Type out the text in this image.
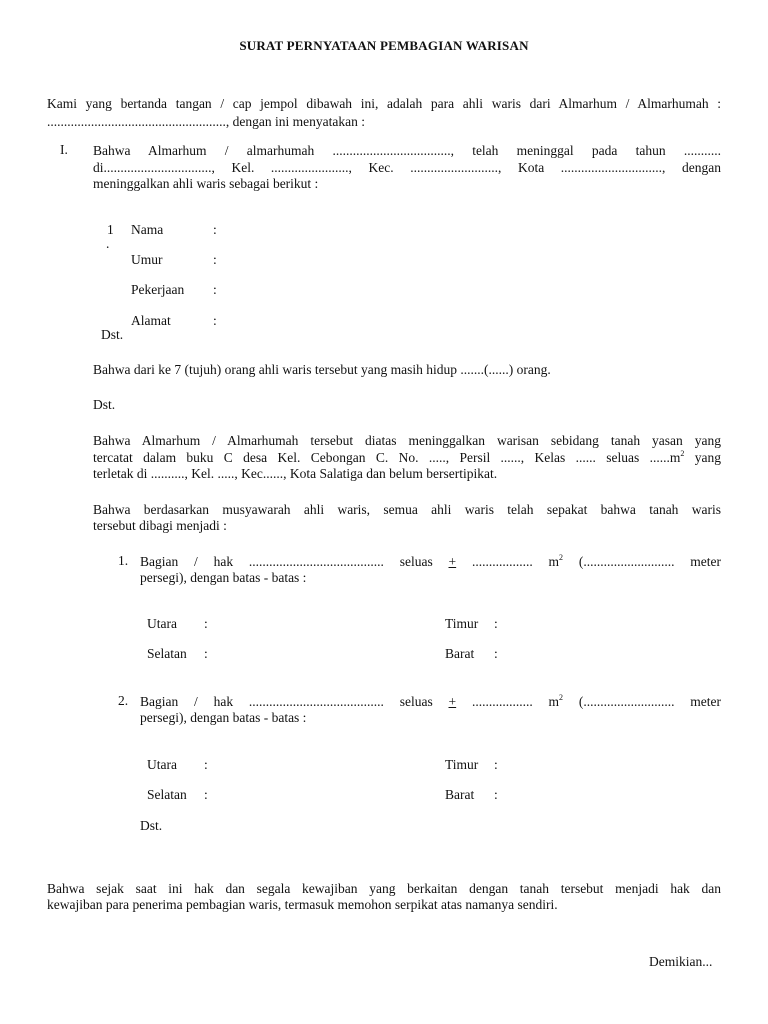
SURAT PERNYATAAN PEMBAGIAN WARISAN
Kami yang bertanda tangan / cap jempol dibawah ini, adalah para ahli waris dari Almarhum / Almarhumah :
....................................................., dengan ini menyatakan :
I. Bahwa Almarhum / almarhumah ..................................., telah meninggal pada tahun ...........
di................................, Kel. ......................., Kec. .........................., Kota .............................., dengan
meninggalkan ahli waris sebagai berikut :
1
.
Nama	:
Umur	:
Pekerjaan :
Alamat	:
Dst.
Bahwa dari ke 7 (tujuh) orang ahli waris tersebut yang masih hidup .......(......) orang.
Dst.
Bahwa Almarhum / Almarhumah tersebut diatas meninggalkan warisan sebidang tanah yasan yang
tercatat dalam buku C desa Kel. Cebongan C. No. ....., Persil ......, Kelas ...... seluas $......m^2$ yang
terletak di .........., Kel. ....., Kec......, Kota Salatiga dan belum bersertipikat.
Bahwa berdasarkan musyawarah ahli waris, semua ahli waris telah sepakat bahwa tanah waris
tersebut dibagi menjadi :
1. Bagian / hak ........................................ seluas + .................. $m^2$ (........................... meter
persegi), dengan batas - batas :
Utara :	Timur :
Selatan :	Barat :
2. Bagian / hak ........................................ seluas + .................. $m^2$ (........................... meter
persegi), dengan batas - batas :
Utara :	Timur :
Selatan :	Barat :
Dst.
Bahwa sejak saat ini hak dan segala kewajiban yang berkaitan dengan tanah tersebut menjadi hak dan
kewajiban para penerima pembagian waris, termasuk memohon serpikat atas namanya sendiri.
Demikian...
